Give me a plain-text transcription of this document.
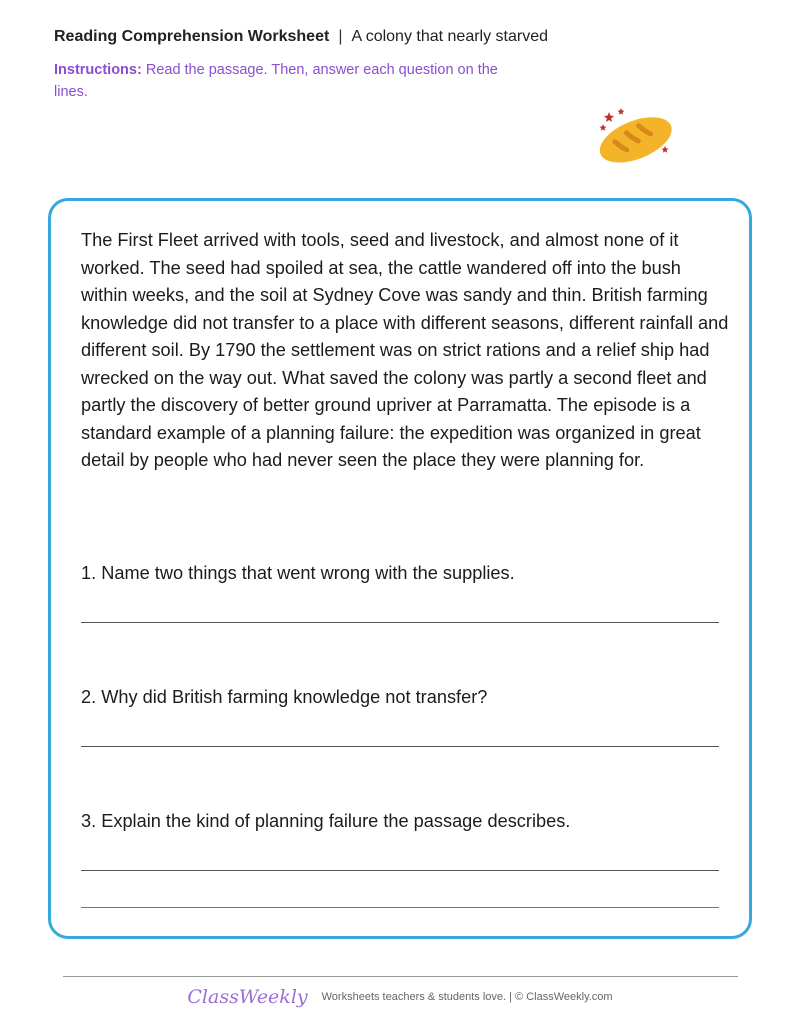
Reading Comprehension Worksheet | A colony that nearly starved
Instructions: Read the passage. Then, answer each question on the lines.

The First Fleet arrived with tools, seed and livestock, and almost none of it worked. The seed had spoiled at sea, the cattle wandered off into the bush within weeks, and the soil at Sydney Cove was sandy and thin. British farming knowledge did not transfer to a place with different seasons, different rainfall and different soil. By 1790 the settlement was on strict rations and a relief ship had wrecked on the way out. What saved the colony was partly a second fleet and partly the discovery of better ground upriver at Parramatta. The episode is a standard example of a planning failure: the expedition was organized in great detail by people who had never seen the place they were planning for.

1. Name two things that went wrong with the supplies.
2. Why did British farming knowledge not transfer?
3. Explain the kind of planning failure the passage describes.
ClassWeekly Worksheets teachers & students love. | © ClassWeekly.com
